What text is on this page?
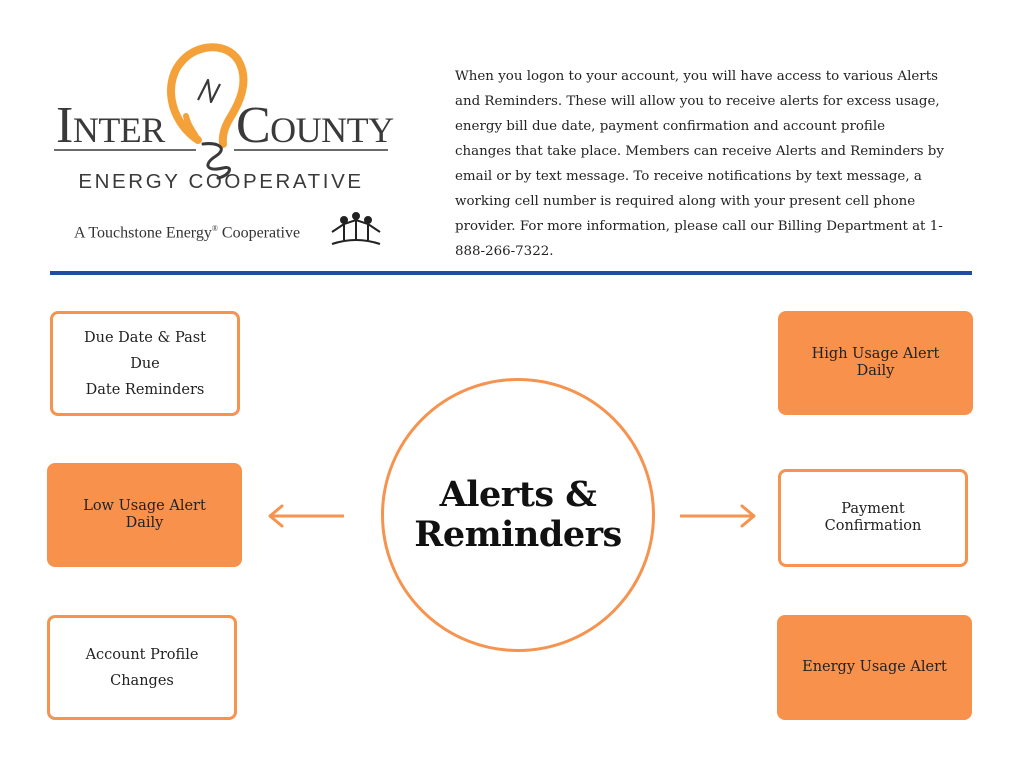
Inter County
ENERGY COOPERATIVE
A Touchstone Energy® Cooperative
When you logon to your account, you will have access to various Alerts and Reminders. These will allow you to receive alerts for excess usage, energy bill due date, payment confirmation and account profile changes that take place. Members can receive Alerts and Reminders by email or by text message. To receive notifications by text message, a working cell number is required along with your present cell phone provider. For more information, please call our Billing Department at 1-888-266-7322.
Due Date & Past Due
Date Reminders
Low Usage Alert
Daily
Account Profile
Changes
High Usage Alert
Daily
Payment
Confirmation
Energy Usage Alert
Alerts &
Reminders
